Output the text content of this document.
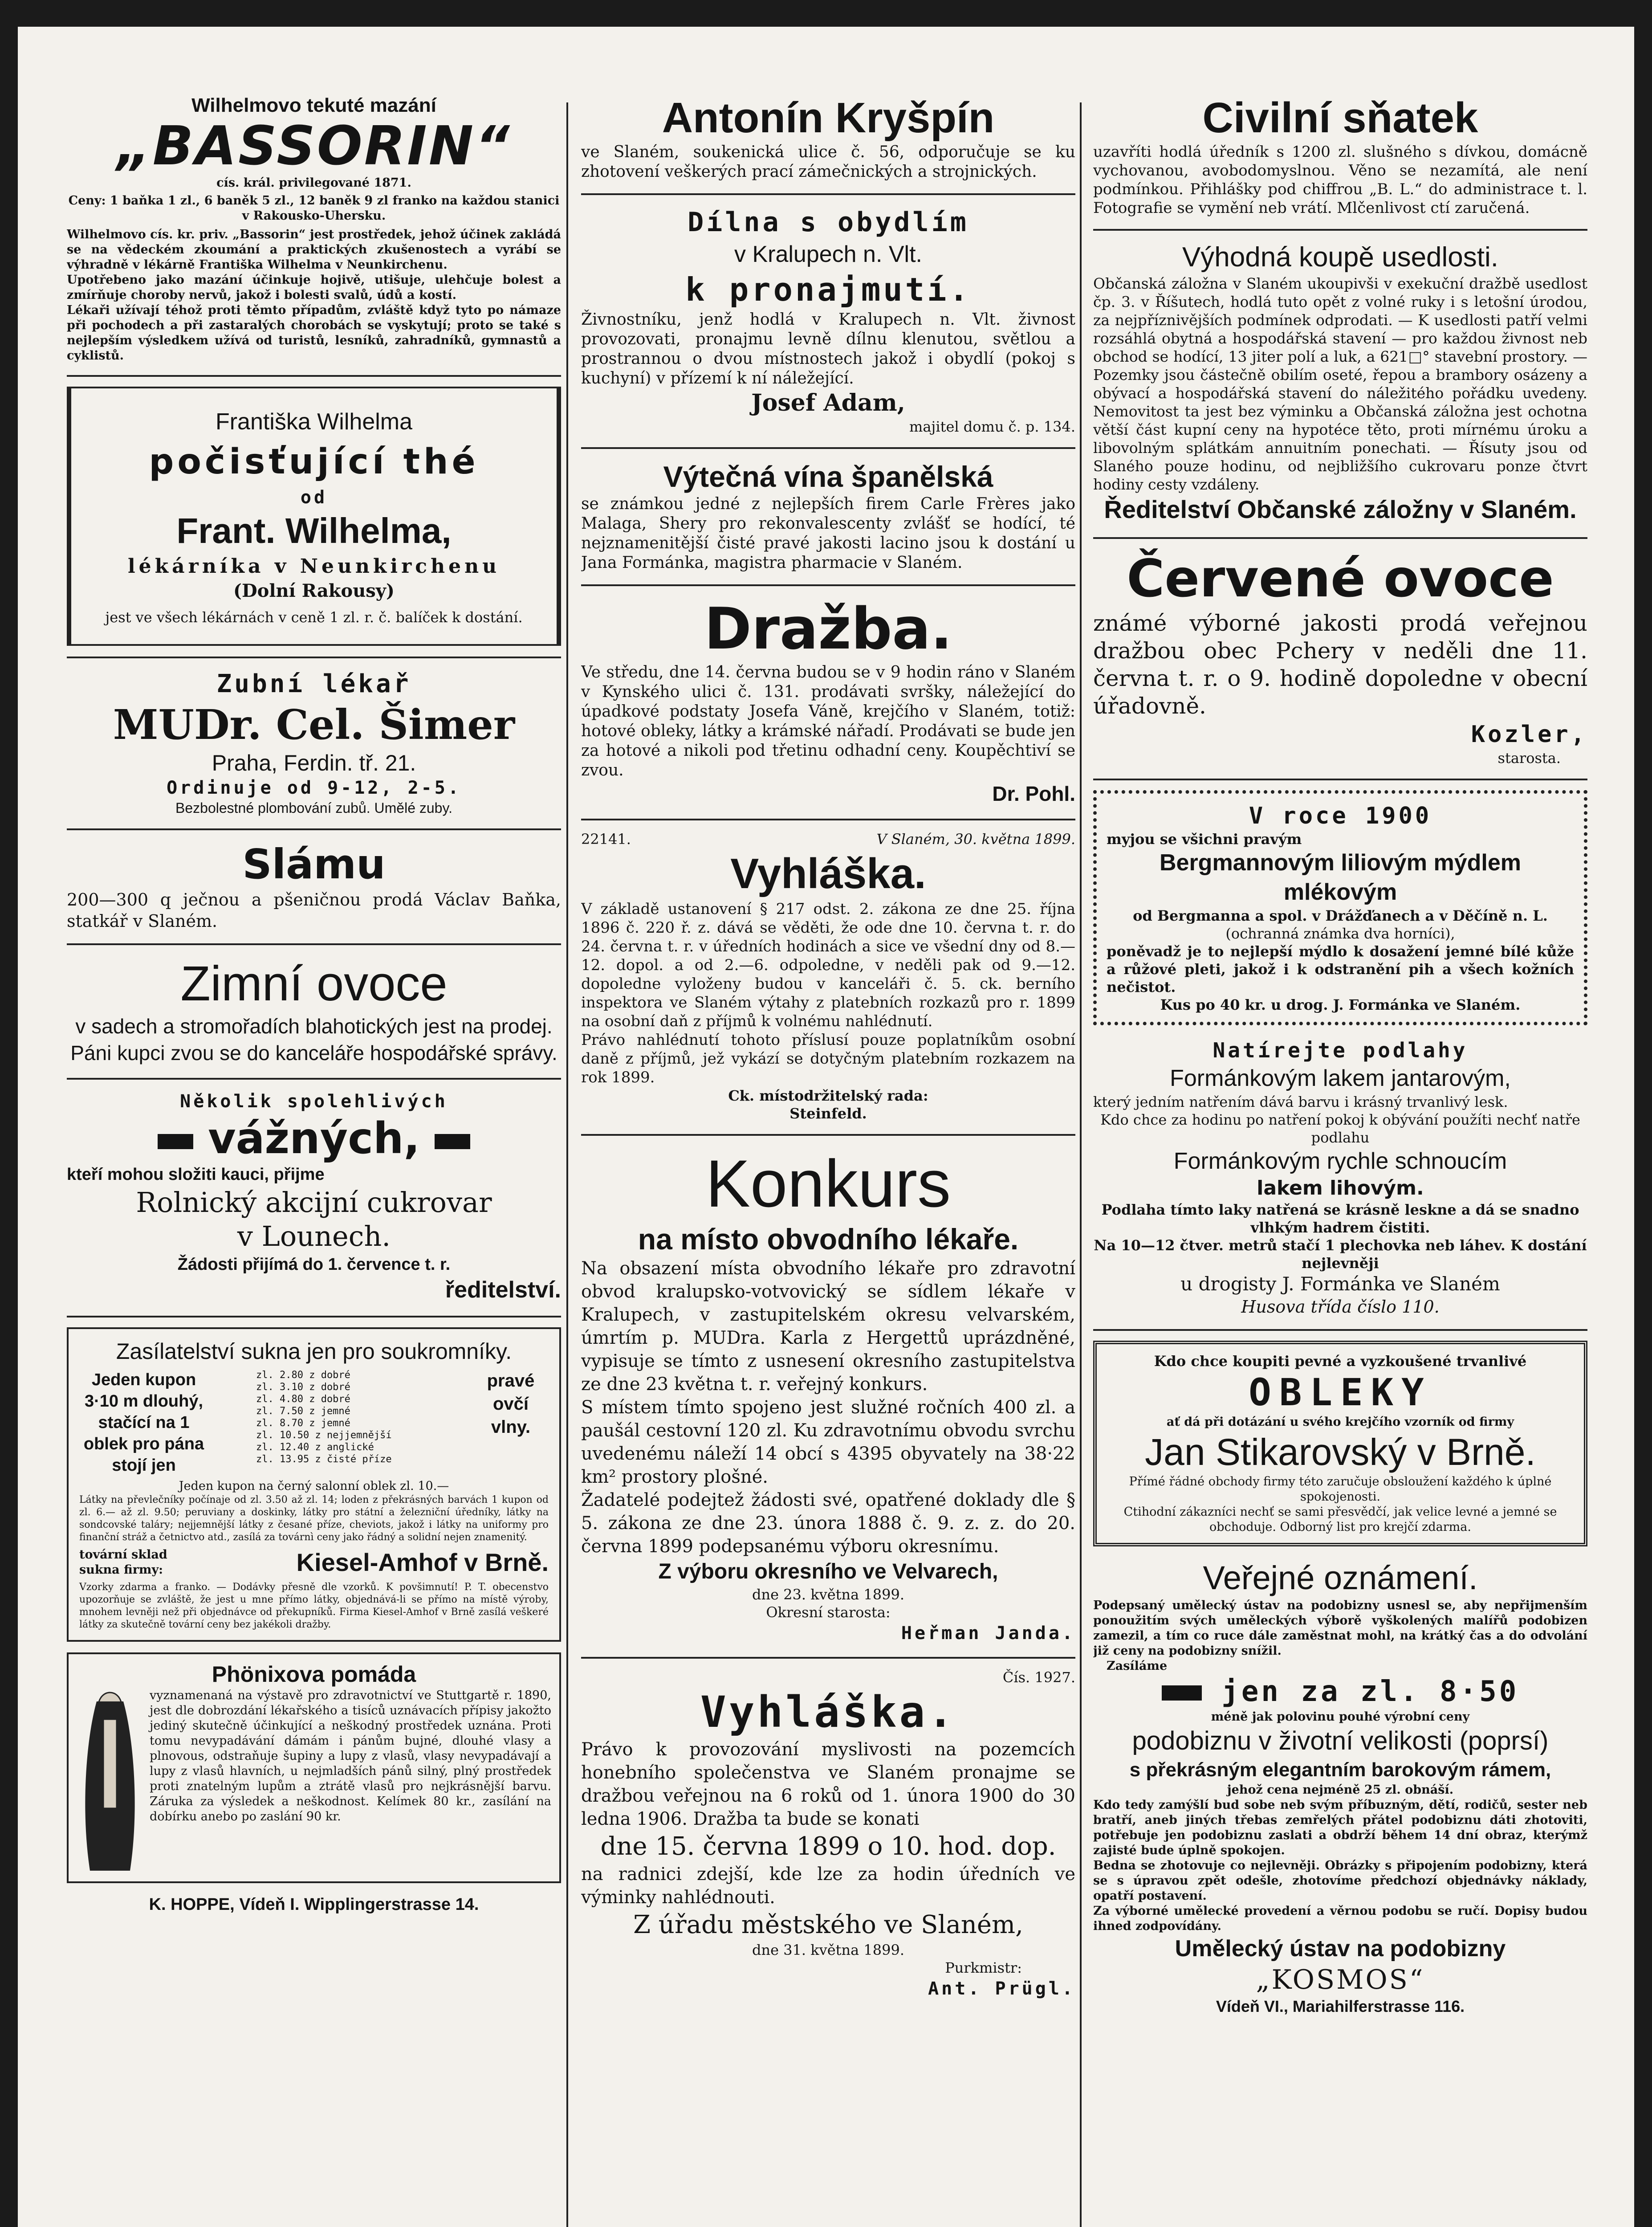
Wilhelmovo tekuté mazání
„BASSORIN“
cís. král. privilegované 1871.
Ceny: 1 baňka 1 zl., 6 baněk 5 zl., 12 baněk 9 zl franko na každou stanici v Rakousko-Uhersku.
Wilhelmovo cís. kr. priv. „Bassorin“ jest prostředek, jehož účinek zakládá se na vědeckém zkoumání a praktických zkušenostech a vyrábí se výhradně v lékárně Františka Wilhelma v Neunkirchenu.
Upotřebeno jako mazání účinkuje hojivě, utišuje, ulehčuje bolest a zmírňuje choroby nervů, jakož i bolesti svalů, údů a kostí.
Lékaři užívají téhož proti těmto případům, zvláště když tyto po námaze při pochodech a při zastaralých chorobách se vyskytují; proto se také s nejlepším výsledkem užívá od turistů, lesníků, zahradníků, gymnastů a cyklistů.
Františka Wilhelma
počisťující thé
od
Frant. Wilhelma,
lékárníka v Neunkirchenu
(Dolní Rakousy)
jest ve všech lékárnách v ceně 1 zl. r. č. balíček k dostání.
Zubní lékař
MUDr. Cel. Šimer
Praha, Ferdin. tř. 21.
Ordinuje od 9-12, 2-5.
Bezbolestné plombování zubů. Umělé zuby.
Slámu
200—300 q ječnou a pšeničnou prodá Václav Baňka, statkář v Slaném.
Zimní ovoce
v sadech a stromořadích blahotických jest na prodej. Páni kupci zvou se do kanceláře hospodářské správy.
Několik spolehlivých
vážných,
kteří mohou složiti kauci, přijme
Rolnický akcijní cukrovar
v Lounech.
Žádosti přijímá do 1. července t. r.
ředitelství.
Zasílatelství sukna jen pro soukromníky.
Jeden kupon 3·10 m dlouhý, stačící na 1 oblek pro pána stojí jen
zl. 2.80 z dobré
zl. 3.10 z dobré
zl. 4.80 z dobré
zl. 7.50 z jemné
zl. 8.70 z jemné
zl. 10.50 z nejjemnější
zl. 12.40 z anglické
zl. 13.95 z čisté příze
pravé ovčí vlny.
Jeden kupon na černý salonní oblek zl. 10.—
Látky na převlečníky počínaje od zl. 3.50 až zl. 14; loden z překrásných barvách 1 kupon od zl. 6.— až zl. 9.50; peruviany a doskinky, látky pro státní a železniční úředníky, látky na sondcovské taláry; nejjemnější látky z česané příze, cheviots, jakož i látky na uniformy pro finanční stráž a četnictvo atd., zasílá za továrnì ceny jako řádný a solidní nejen znamenitý.
tovární sklad
sukna firmy:	Kiesel-Amhof v Brně.
Vzorky zdarma a franko. — Dodávky přesně dle vzorků. K povšimnutí! P. T. obecenstvo upozorňuje se zvláště, že jest u mne přímo látky, objednává-li se přímo na místě výroby, mnohem levněji než při objednávce od překupníků. Firma Kiesel-Amhof v Brně zasílá veškeré látky za skutečně tovární ceny bez jakékoli dražby.
Phönixova pomáda
vyznamenaná na výstavě pro zdravotnictví ve Stuttgartě r. 1890, jest dle dobrozdání lékařského a tisíců uznávacích přípisy jakožto jediný skutečně účinkující a neškodný prostředek uznána. Proti tomu nevypadávání dámám i pánům bujné, dlouhé vlasy a plnovous, odstraňuje šupiny a lupy z vlasů, vlasy nevypadávají a lupy z vlasů hlavních, u nejmladších pánů silný, plný prostředek proti znatelným lupům a ztrátě vlasů pro nejkrásnější barvu. Záruka za výsledek a neškodnost. Kelímek 80 kr., zasílání na dobírku anebo po zaslání 90 kr.
K. HOPPE, Vídeň I. Wipplingerstrasse 14.
Antonín Kryšpín
ve Slaném, soukenická ulice č. 56, odporučuje se ku zhotovení veškerých prací zámečnických a strojnických.
Dílna s obydlím
v Kralupech n. Vlt.
k pronajmutí.
Živnostníku, jenž hodlá v Kralupech n. Vlt. živnost provozovati, pronajmu levně dílnu klenutou, světlou a prostrannou o dvou místnostech jakož i obydlí (pokoj s kuchyní) v přízemí k ní náležející.
Josef Adam,
majitel domu č. p. 134.
Výtečná vína španělská
se známkou jedné z nejlepších firem Carle Frères jako Malaga, Shery pro rekonvalescenty zvlášť se hodící, té nejznamenitější čisté pravé jakosti lacino jsou k dostání u Jana Formánka, magistra pharmacie v Slaném.
Dražba.
Ve středu, dne 14. června budou se v 9 hodin ráno v Slaném v Kynského ulici č. 131. prodávati svršky, náležející do úpadkové podstaty Josefa Váně, krejčího v Slaném, totiž: hotové obleky, látky a krámské nářadí. Prodávati se bude jen za hotové a nikoli pod třetinu odhadní ceny. Koupěchtiví se zvou.
Dr. Pohl.
22141.	V Slaném, 30. května 1899.
Vyhláška.
V základě ustanovení § 217 odst. 2. zákona ze dne 25. října 1896 č. 220 ř. z. dává se věděti, že ode dne 10. června t. r. do 24. června t. r. v úředních hodinách a sice ve všední dny od 8.—12. dopol. a od 2.—6. odpoledne, v neděli pak od 9.—12. dopoledne vyloženy budou v kanceláři č. 5. ck. berního inspektora ve Slaném výtahy z platebních rozkazů pro r. 1899 na osobní daň z příjmů k volnému nahlédnutí.
Právo nahlédnutí tohoto příslusí pouze poplatníkům osobní daně z příjmů, jež vykází se dotyčným platebním rozkazem na rok 1899.
Ck. místodržitelský rada:
Steinfeld.
Konkurs
na místo obvodního lékaře.
Na obsazení místa obvodního lékaře pro zdravotní obvod kralupsko-votvovický se sídlem lékaře v Kralupech, v zastupitelském okresu velvarském, úmrtím p. MUDra. Karla z Hergettů uprázdněné, vypisuje se tímto z usnesení okresního zastupitelstva ze dne 23 května t. r. veřejný konkurs.
S místem tímto spojeno jest služné ročních 400 zl. a paušál cestovní 120 zl. Ku zdravotnímu obvodu svrchu uvedenému náleží 14 obcí s 4395 obyvately na 38·22 km² prostory plošné.
Žadatelé podejtež žádosti své, opatřené doklady dle § 5. zákona ze dne 23. února 1888 č. 9. z. z. do 20. června 1899 podepsanému výboru okresnímu.
Z výboru okresního ve Velvarech,
dne 23. května 1899.
Okresní starosta:
Heřman Janda.
Čís. 1927.
Vyhláška.
Právo k provozování myslivosti na pozemcích honebního společenstva ve Slaném pronajme se dražbou veřejnou na 6 roků od 1. února 1900 do 30 ledna 1906. Dražba ta bude se konati
dne 15. června 1899 o 10. hod. dop.
na radnici zdejší, kde lze za hodin úředních ve výminky nahlédnouti.
Z úřadu městského ve Slaném,
dne 31. května 1899.
Purkmistr:
Ant. Prügl.
Civilní sňatek
uzavříti hodlá úředník s 1200 zl. slušného s dívkou, domácně vychovanou, avobodomyslnou. Věno se nezamítá, ale není podmínkou. Přihlášky pod chiffrou „B. L.“ do administrace t. l. Fotografie se vymění neb vrátí. Mlčenlivost ctí zaručená.
Výhodná koupě usedlosti.
Občanská záložna v Slaném ukoupivši v exekuční dražbě usedlost čp. 3. v Říšutech, hodlá tuto opět z volné ruky i s letošní úrodou, za nejpříznivějších podmínek odprodati. — K usedlosti patří velmi rozsáhlá obytná a hospodářská stavení — pro každou živnost neb obchod se hodící, 13 jiter polí a luk, a 621□° stavební prostory. — Pozemky jsou částečně obilím oseté, řepou a brambory osázeny a obývací a hospodářská stavení do náležitého pořádku uvedeny. Nemovitost ta jest bez výminku a Občanská záložna jest ochotna větší část kupní ceny na hypotéce těto, proti mírnému úroku a libovolným splátkám annuitním ponechati. — Řísuty jsou od Slaného pouze hodinu, od nejbližšího cukrovaru ponze čtvrt hodiny cesty vzdáleny.
Ředitelství Občanské záložny v Slaném.
Červené ovoce
známé výborné jakosti prodá veřejnou dražbou obec Pchery v neděli dne 11. června t. r. o 9. hodině dopoledne v obecní úřadovně.
Kozler,
starosta.
V roce 1900
myjou se všichni pravým
Bergmannovým liliovým mýdlem mlékovým
od Bergmanna a spol. v Drážďanech a v Děčíně n. L.
(ochranná známka dva horníci),
poněvadž je to nejlepší mýdlo k dosažení jemné bílé kůže a růžové pleti, jakož i k odstranění pih a všech kožních nečistot.
Kus po 40 kr. u drog. J. Formánka ve Slaném.
Natírejte podlahy
Formánkovým lakem jantarovým,
který jedním natřením dává barvu i krásný trvanlivý lesk.
Kdo chce za hodinu po natření pokoj k obývání použíti nechť natře podlahu
Formánkovým rychle schnoucím
lakem lihovým.
Podlaha tímto laky natřená se krásně leskne a dá se snadno vlhkým hadrem čistiti.
Na 10—12 čtver. metrů stačí 1 plechovka neb láhev. K dostání nejlevněji
u drogisty J. Formánka ve Slaném
Husova třída číslo 110.
Kdo chce koupiti pevné a vyzkoušené trvanlivé
OBLEKY
ať dá při dotázání u svého krejčího vzorník od firmy
Jan Stikarovský v Brně.
Přímé řádné obchody firmy této zaručuje obsloužení každého k úplné spokojenosti.
Ctihodní zákazníci nechť se sami přesvědčí, jak velice levné a jemné se obchoduje. Odborný list pro krejčí zdarma.
Veřejné oznámení.
Podepsaný umělecký ústav na podobizny usnesl se, aby nepřijmenším ponoužitím svých uměleckých výborě vyškolených malířů podobizen zamezil, a tím co ruce dále zaměstnat mohl, na krátký čas a do odvolání již ceny na podobizny snížil.
Zasíláme
jen za zl. 8·50
méně jak polovinu pouhé výrobní ceny
podobiznu v životní velikosti (poprsí)
s překrásným elegantním barokovým rámem,
jehož cena nejméně 25 zl. obnáší.
Kdo tedy zamýšlí bud sobe neb svým příbuzným, dětí, rodičů, sester neb bratří, aneb jiných třebas zemřelých přátel podobiznu dáti zhotoviti, potřebuje jen podobiznu zaslati a obdrží během 14 dní obraz, kterýmž zajisté bude úplně spokojen.
Bedna se zhotovuje co nejlevněji. Obrázky s připojením podobizny, která se s úpravou zpět odešle, zhotovíme předchozí objednávky náklady, opatří postavení.
Za výborné umělecké provedení a věrnou podobu se ručí. Dopisy budou ihned zodpovídány.
Umělecký ústav na podobizny
„KOSMOS“
Vídeň VI., Mariahilferstrasse 116.
